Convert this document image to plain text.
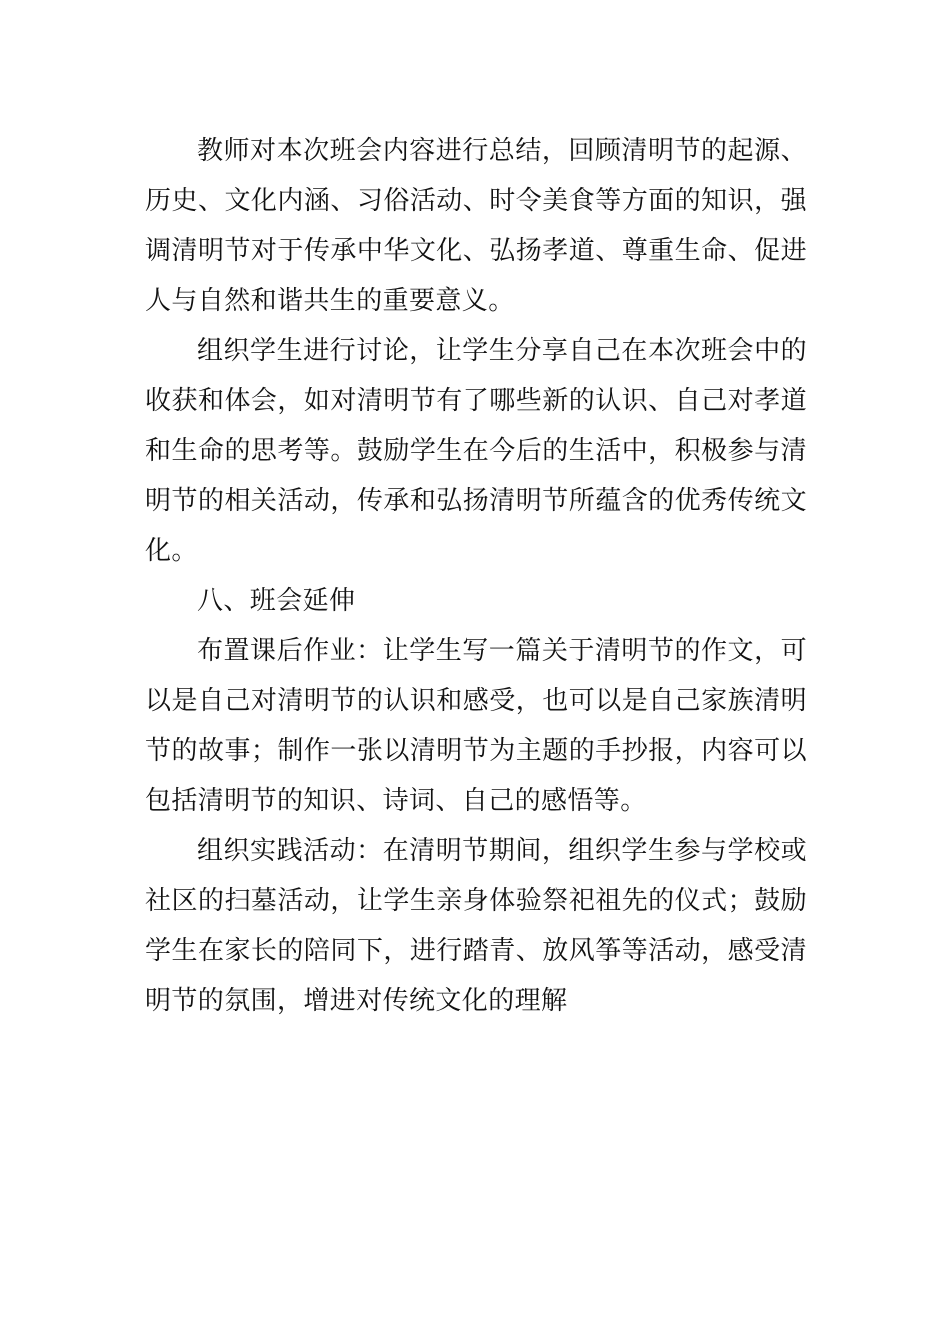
教师对本次班会内容进行总结，回顾清明节的起源、历史、文化内涵、习俗活动、时令美食等方面的知识，强调清明节对于传承中华文化、弘扬孝道、尊重生命、促进人与自然和谐共生的重要意义。

组织学生进行讨论，让学生分享自己在本次班会中的收获和体会，如对清明节有了哪些新的认识、自己对孝道和生命的思考等。鼓励学生在今后的生活中，积极参与清明节的相关活动，传承和弘扬清明节所蕴含的优秀传统文化。

八、班会延伸

布置课后作业：让学生写一篇关于清明节的作文，可以是自己对清明节的认识和感受，也可以是自己家族清明节的故事；制作一张以清明节为主题的手抄报，内容可以包括清明节的知识、诗词、自己的感悟等。

组织实践活动：在清明节期间，组织学生参与学校或社区的扫墓活动，让学生亲身体验祭祀祖先的仪式；鼓励学生在家长的陪同下，进行踏青、放风筝等活动，感受清明节的氛围，增进对传统文化的理解
